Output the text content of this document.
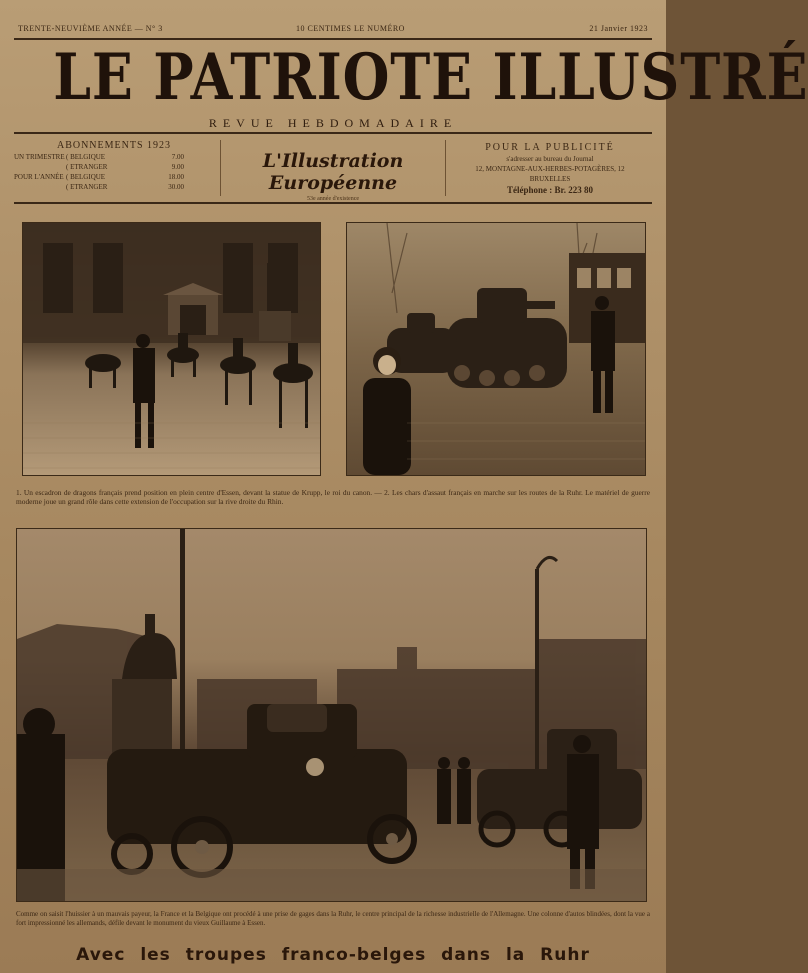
TRENTE-NEUVIÈME ANNÉE — N° 3	10 CENTIMES LE NUMÉRO	21 Janvier 1923
LE PATRIOTE ILLUSTRÉ
REVUE HEBDOMADAIRE
ABONNEMENTS 1923
UN TRIMESTRE ( BELGIQUE	7.00
( ETRANGER	9.00
POUR L'ANNÉE ( BELGIQUE	18.00
( ETRANGER	30.00
L'Illustration Européenne
53e année d'existence
POUR LA PUBLICITÉ
s'adresser au bureau du Journal
12, MONTAGNE-AUX-HERBES-POTAGÈRES, 12
BRUXELLES
Téléphone : Br. 223 80
1. Un escadron de dragons français prend position en plein centre d'Essen, devant la statue de Krupp, le roi du canon. — 2. Les chars d'assaut français en marche sur les routes de la Ruhr. Le matériel de guerre moderne joue un grand rôle dans cette extension de l'occupation sur la rive droite du Rhin.
Comme on saisit l'huissier à un mauvais payeur, la France et la Belgique ont procédé à une prise de gages dans la Ruhr, le centre principal de la richesse industrielle de l'Allemagne. Une colonne d'autos blindées, dont la vue a fort impressionné les allemands, défile devant le monument du vieux Guillaume à Essen.
Avec les troupes franco-belges dans la Ruhr
